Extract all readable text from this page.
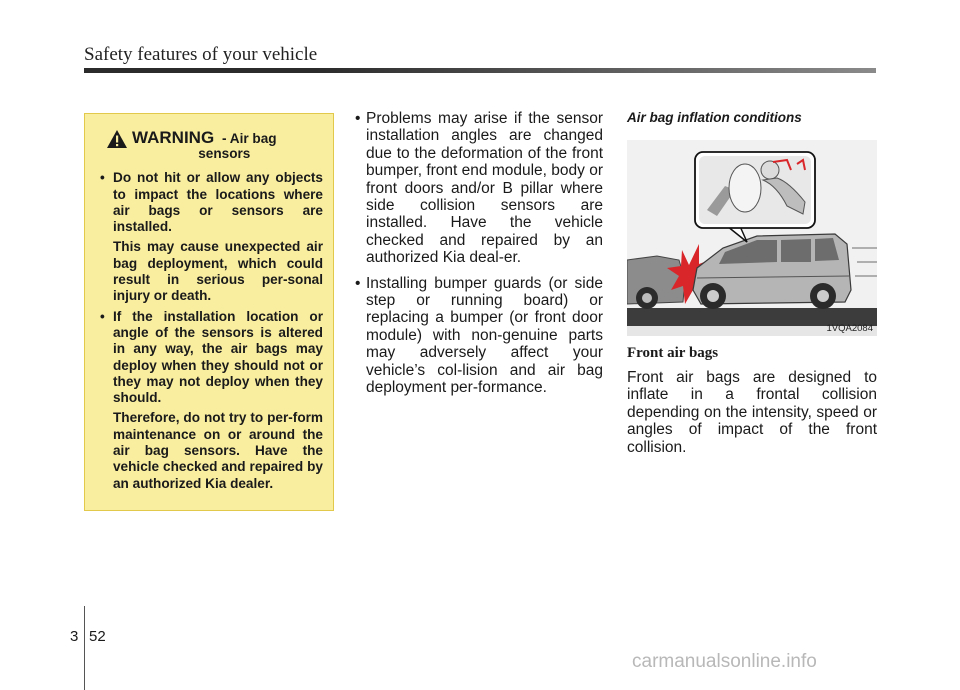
Safety features of your vehicle
WARNING - Air bag
sensors
• Do not hit or allow any objects to impact the locations where air bags or sensors are installed.

This may cause unexpected air bag deployment, which could result in serious per-sonal injury or death.

• If the installation location or angle of the sensors is altered in any way, the air bags may deploy when they should not or they may not deploy when they should.

Therefore, do not try to per-form maintenance on or around the air bag sensors. Have the vehicle checked and repaired by an authorized Kia dealer.

• Problems may arise if the sensor installation angles are changed due to the deformation of the front bumper, front end module, body or front doors and/or B pillar where side collision sensors are installed. Have the vehicle checked and repaired by an authorized Kia deal-er.
• Installing bumper guards (or side step or running board) or replacing a bumper (or front door module) with non-genuine parts may adversely affect your vehicle’s col-lision and air bag deployment per-formance.

Air bag inflation conditions

1VQA2084
Front air bags
Front air bags are designed to inflate in a frontal collision depending on the intensity, speed or angles of impact of the front collision.
3 52
carmanualsonline.info
